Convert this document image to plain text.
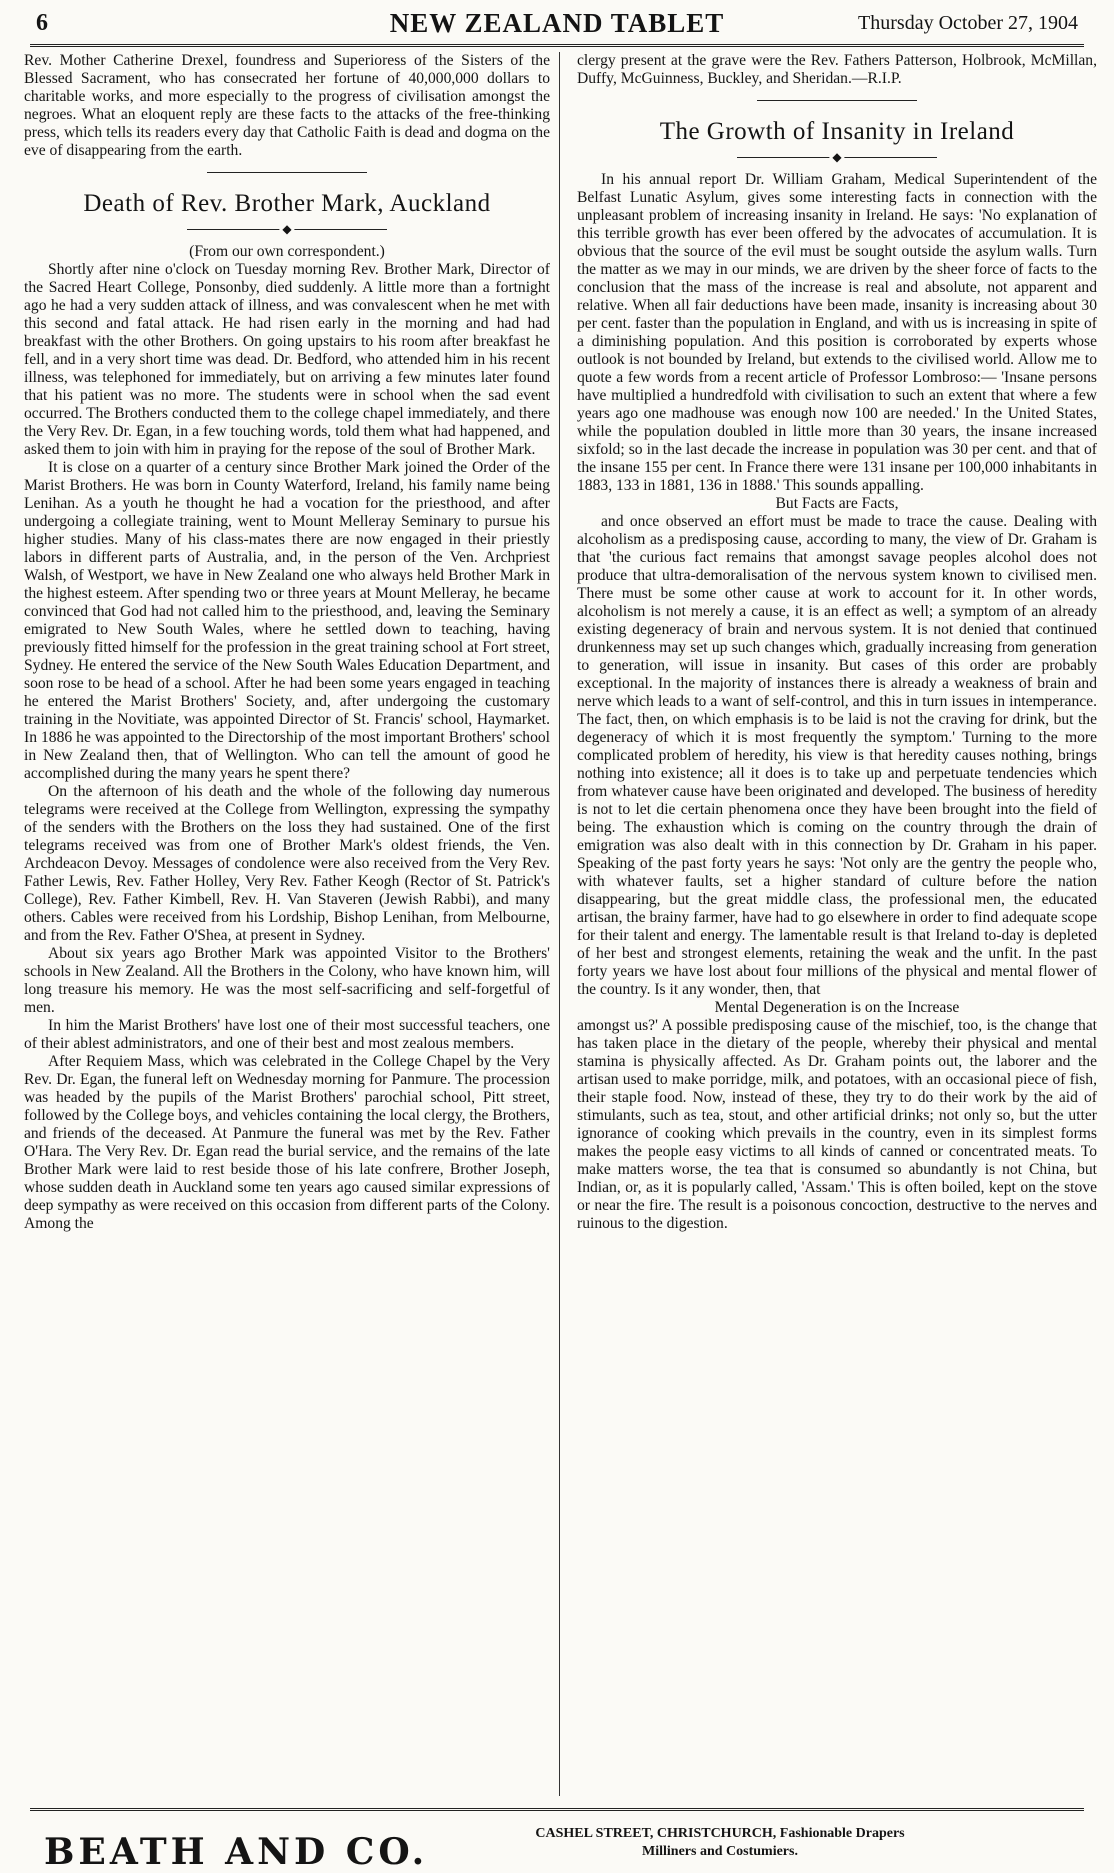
6	NEW ZEALAND TABLET	Thursday October 27, 1904

Rev. Mother Catherine Drexel, foundress and Superioress of the Sisters of the Blessed Sacrament, who has consecrated her fortune of 40,000,000 dollars to charitable works, and more especially to the progress of civilisation amongst the negroes. What an eloquent reply are these facts to the attacks of the free-thinking press, which tells its readers every day that Catholic Faith is dead and dogma on the eve of disappearing from the earth.

Death of Rev. Brother Mark, Auckland
◆

(From our own correspondent.)

Shortly after nine o'clock on Tuesday morning Rev. Brother Mark, Director of the Sacred Heart College, Ponsonby, died suddenly. A little more than a fortnight ago he had a very sudden attack of illness, and was convalescent when he met with this second and fatal attack. He had risen early in the morning and had had breakfast with the other Brothers. On going upstairs to his room after breakfast he fell, and in a very short time was dead. Dr. Bedford, who attended him in his recent illness, was telephoned for immediately, but on arriving a few minutes later found that his patient was no more. The students were in school when the sad event occurred. The Brothers conducted them to the college chapel immediately, and there the Very Rev. Dr. Egan, in a few touching words, told them what had happened, and asked them to join with him in praying for the repose of the soul of Brother Mark.

It is close on a quarter of a century since Brother Mark joined the Order of the Marist Brothers. He was born in County Waterford, Ireland, his family name being Lenihan. As a youth he thought he had a vocation for the priesthood, and after undergoing a collegiate training, went to Mount Melleray Seminary to pursue his higher studies. Many of his class-mates there are now engaged in their priestly labors in different parts of Australia, and, in the person of the Ven. Archpriest Walsh, of Westport, we have in New Zealand one who always held Brother Mark in the highest esteem. After spending two or three years at Mount Melleray, he became convinced that God had not called him to the priesthood, and, leaving the Seminary emigrated to New South Wales, where he settled down to teaching, having previously fitted himself for the profession in the great training school at Fort street, Sydney. He entered the service of the New South Wales Education Department, and soon rose to be head of a school. After he had been some years engaged in teaching he entered the Marist Brothers' Society, and, after undergoing the customary training in the Novitiate, was appointed Director of St. Francis' school, Haymarket. In 1886 he was appointed to the Directorship of the most important Brothers' school in New Zealand then, that of Wellington. Who can tell the amount of good he accomplished during the many years he spent there?

On the afternoon of his death and the whole of the following day numerous telegrams were received at the College from Wellington, expressing the sympathy of the senders with the Brothers on the loss they had sustained. One of the first telegrams received was from one of Brother Mark's oldest friends, the Ven. Archdeacon Devoy. Messages of condolence were also received from the Very Rev. Father Lewis, Rev. Father Holley, Very Rev. Father Keogh (Rector of St. Patrick's College), Rev. Father Kimbell, Rev. H. Van Staveren (Jewish Rabbi), and many others. Cables were received from his Lordship, Bishop Lenihan, from Melbourne, and from the Rev. Father O'Shea, at present in Sydney.

About six years ago Brother Mark was appointed Visitor to the Brothers' schools in New Zealand. All the Brothers in the Colony, who have known him, will long treasure his memory. He was the most self-sacrificing and self-forgetful of men.

In him the Marist Brothers' have lost one of their most successful teachers, one of their ablest administrators, and one of their best and most zealous members.

After Requiem Mass, which was celebrated in the College Chapel by the Very Rev. Dr. Egan, the funeral left on Wednesday morning for Panmure. The procession was headed by the pupils of the Marist Brothers' parochial school, Pitt street, followed by the College boys, and vehicles containing the local clergy, the Brothers, and friends of the deceased. At Panmure the funeral was met by the Rev. Father O'Hara. The Very Rev. Dr. Egan read the burial service, and the remains of the late Brother Mark were laid to rest beside those of his late confrere, Brother Joseph, whose sudden death in Auckland some ten years ago caused similar expressions of deep sympathy as were received on this occasion from different parts of the Colony. Among the

clergy present at the grave were the Rev. Fathers Patterson, Holbrook, McMillan, Duffy, McGuinness, Buckley, and Sheridan.—R.I.P.

The Growth of Insanity in Ireland
◆

In his annual report Dr. William Graham, Medical Superintendent of the Belfast Lunatic Asylum, gives some interesting facts in connection with the unpleasant problem of increasing insanity in Ireland. He says: 'No explanation of this terrible growth has ever been offered by the advocates of accumulation. It is obvious that the source of the evil must be sought outside the asylum walls. Turn the matter as we may in our minds, we are driven by the sheer force of facts to the conclusion that the mass of the increase is real and absolute, not apparent and relative. When all fair deductions have been made, insanity is increasing about 30 per cent. faster than the population in England, and with us is increasing in spite of a diminishing population. And this position is corroborated by experts whose outlook is not bounded by Ireland, but extends to the civilised world. Allow me to quote a few words from a recent article of Professor Lombroso:— 'Insane persons have multiplied a hundredfold with civilisation to such an extent that where a few years ago one madhouse was enough now 100 are needed.' In the United States, while the population doubled in little more than 30 years, the insane increased sixfold; so in the last decade the increase in population was 30 per cent. and that of the insane 155 per cent. In France there were 131 insane per 100,000 inhabitants in 1883, 133 in 1881, 136 in 1888.' This sounds appalling.

But Facts are Facts,

and once observed an effort must be made to trace the cause. Dealing with alcoholism as a predisposing cause, according to many, the view of Dr. Graham is that 'the curious fact remains that amongst savage peoples alcohol does not produce that ultra-demoralisation of the nervous system known to civilised men. There must be some other cause at work to account for it. In other words, alcoholism is not merely a cause, it is an effect as well; a symptom of an already existing degeneracy of brain and nervous system. It is not denied that continued drunkenness may set up such changes which, gradually increasing from generation to generation, will issue in insanity. But cases of this order are probably exceptional. In the majority of instances there is already a weakness of brain and nerve which leads to a want of self-control, and this in turn issues in intemperance. The fact, then, on which emphasis is to be laid is not the craving for drink, but the degeneracy of which it is most frequently the symptom.' Turning to the more complicated problem of heredity, his view is that heredity causes nothing, brings nothing into existence; all it does is to take up and perpetuate tendencies which from whatever cause have been originated and developed. The business of heredity is not to let die certain phenomena once they have been brought into the field of being. The exhaustion which is coming on the country through the drain of emigration was also dealt with in this connection by Dr. Graham in his paper. Speaking of the past forty years he says: 'Not only are the gentry the people who, with whatever faults, set a higher standard of culture before the nation disappearing, but the great middle class, the professional men, the educated artisan, the brainy farmer, have had to go elsewhere in order to find adequate scope for their talent and energy. The lamentable result is that Ireland to-day is depleted of her best and strongest elements, retaining the weak and the unfit. In the past forty years we have lost about four millions of the physical and mental flower of the country. Is it any wonder, then, that

Mental Degeneration is on the Increase

amongst us?' A possible predisposing cause of the mischief, too, is the change that has taken place in the dietary of the people, whereby their physical and mental stamina is physically affected. As Dr. Graham points out, the laborer and the artisan used to make porridge, milk, and potatoes, with an occasional piece of fish, their staple food. Now, instead of these, they try to do their work by the aid of stimulants, such as tea, stout, and other artificial drinks; not only so, but the utter ignorance of cooking which prevails in the country, even in its simplest forms makes the people easy victims to all kinds of canned or concentrated meats. To make matters worse, the tea that is consumed so abundantly is not China, but Indian, or, as it is popularly called, 'Assam.' This is often boiled, kept on the stove or near the fire. The result is a poisonous concoction, destructive to the nerves and ruinous to the digestion.

BEATH AND CO.	CASHEL STREET, CHRISTCHURCH, Fashionable Drapers
Milliners and Costumiers.
